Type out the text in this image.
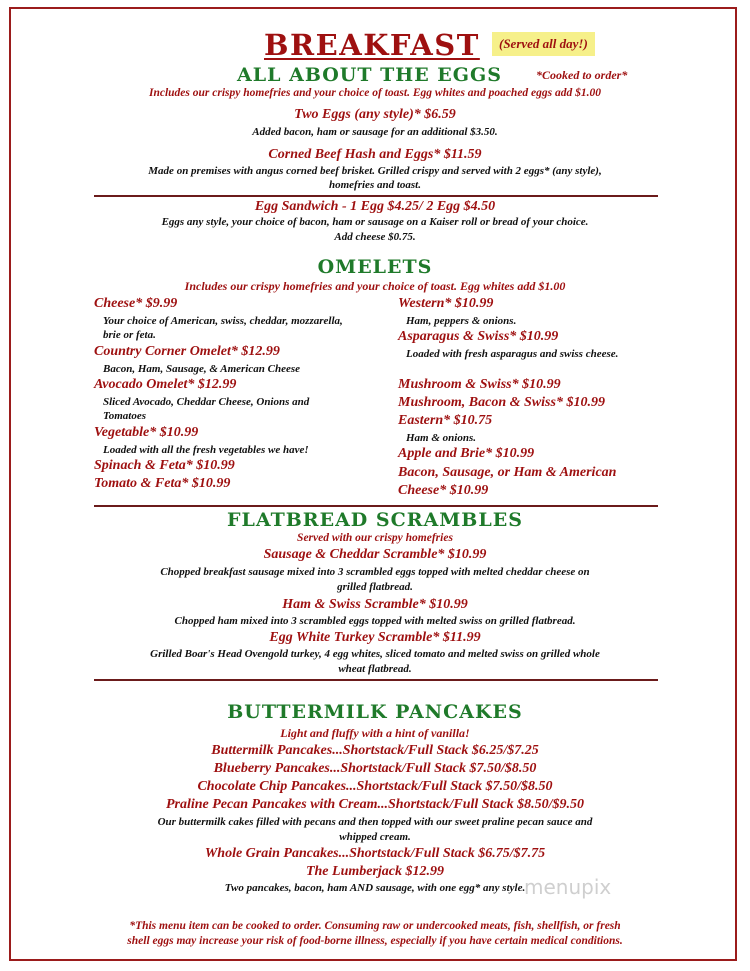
BREAKFAST	(Served all day!)
ALL ABOUT THE EGGS	*Cooked to order*
Includes our crispy homefries and your choice of toast. Egg whites and poached eggs add $1.00
Two Eggs (any style)* $6.59
Added bacon, ham or sausage for an additional $3.50.
Corned Beef Hash and Eggs* $11.59
Made on premises with angus corned beef brisket. Grilled crispy and served with 2 eggs* (any style),
homefries and toast.
Egg Sandwich - 1 Egg $4.25/ 2 Egg $4.50
Eggs any style, your choice of bacon, ham or sausage on a Kaiser roll or bread of your choice.
Add cheese $0.75.
OMELETS
Includes our crispy homefries and your choice of toast. Egg whites add $1.00
Cheese* $9.99
Your choice of American, swiss, cheddar, mozzarella, brie or feta.
Country Corner Omelet* $12.99
Bacon, Ham, Sausage, & American Cheese
Avocado Omelet* $12.99
Sliced Avocado, Cheddar Cheese, Onions and Tomatoes
Vegetable* $10.99
Loaded with all the fresh vegetables we have!
Spinach & Feta* $10.99
Tomato & Feta* $10.99
Western* $10.99
Ham, peppers & onions.
Asparagus & Swiss* $10.99
Loaded with fresh asparagus and swiss cheese.
Mushroom & Swiss* $10.99
Mushroom, Bacon & Swiss* $10.99
Eastern* $10.75
Ham & onions.
Apple and Brie* $10.99
Bacon, Sausage, or Ham & American Cheese* $10.99
FLATBREAD SCRAMBLES
Served with our crispy homefries
Sausage & Cheddar Scramble* $10.99
Chopped breakfast sausage mixed into 3 scrambled eggs topped with melted cheddar cheese on
grilled flatbread.
Ham & Swiss Scramble* $10.99
Chopped ham mixed into 3 scrambled eggs topped with melted swiss on grilled flatbread.
Egg White Turkey Scramble* $11.99
Grilled Boar's Head Ovengold turkey, 4 egg whites, sliced tomato and melted swiss on grilled whole
wheat flatbread.
BUTTERMILK PANCAKES
Light and fluffy with a hint of vanilla!
Buttermilk Pancakes...Shortstack/Full Stack $6.25/$7.25
Blueberry Pancakes...Shortstack/Full Stack $7.50/$8.50
Chocolate Chip Pancakes...Shortstack/Full Stack $7.50/$8.50
Praline Pecan Pancakes with Cream...Shortstack/Full Stack $8.50/$9.50
Our buttermilk cakes filled with pecans and then topped with our sweet praline pecan sauce and
whipped cream.
Whole Grain Pancakes...Shortstack/Full Stack $6.75/$7.75
The Lumberjack $12.99
Two pancakes, bacon, ham AND sausage, with one egg* any style.
menupix
*This menu item can be cooked to order. Consuming raw or undercooked meats, fish, shellfish, or fresh
shell eggs may increase your risk of food-borne illness, especially if you have certain medical conditions.
